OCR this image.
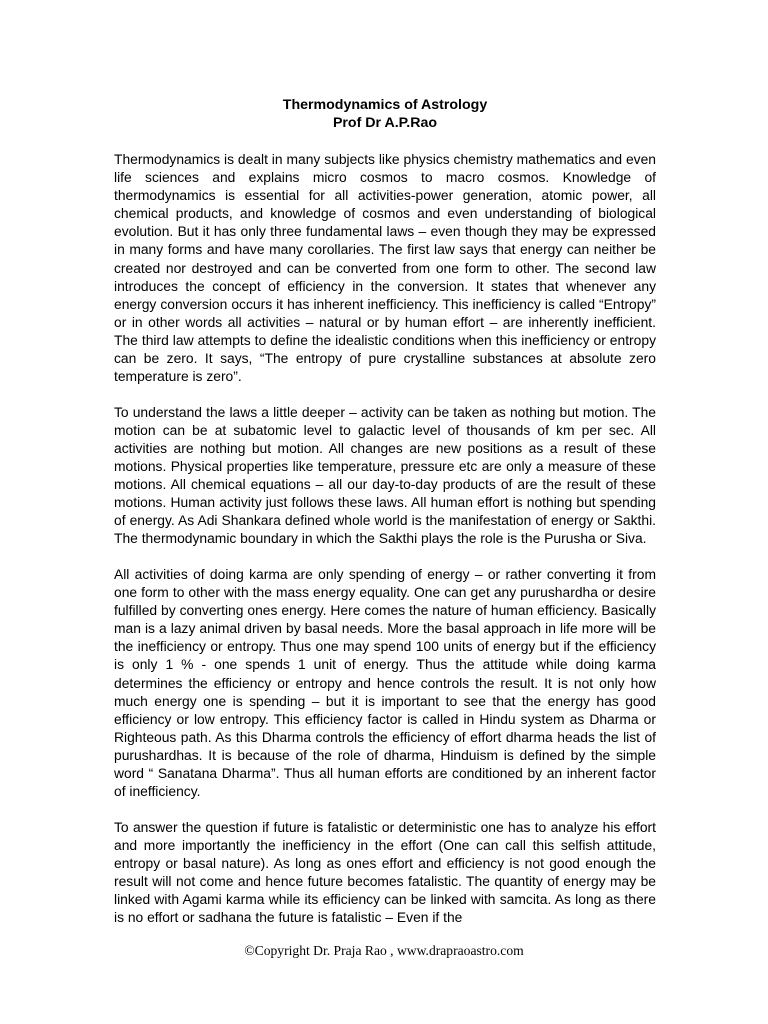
Thermodynamics of Astrology
Prof Dr A.P.Rao

Thermodynamics is dealt in many subjects like physics chemistry mathematics and even life sciences and explains micro cosmos to macro cosmos. Knowledge of thermodynamics is essential for all activities-power generation, atomic power, all chemical products, and knowledge of cosmos and even understanding of biological evolution. But it has only three fundamental laws – even though they may be expressed in many forms and have many corollaries. The first law says that energy can neither be created nor destroyed and can be converted from one form to other. The second law introduces the concept of efficiency in the conversion. It states that whenever any energy conversion occurs it has inherent inefficiency. This inefficiency is called “Entropy” or in other words all activities – natural or by human effort – are inherently inefficient. The third law attempts to define the idealistic conditions when this inefficiency or entropy can be zero. It says, “The entropy of pure crystalline substances at absolute zero temperature is zero”.

To understand the laws a little deeper – activity can be taken as nothing but motion. The motion can be at subatomic level to galactic level of thousands of km per sec. All activities are nothing but motion. All changes are new positions as a result of these motions. Physical properties like temperature, pressure etc are only a measure of these motions. All chemical equations – all our day-to-day products of are the result of these motions. Human activity just follows these laws. All human effort is nothing but spending of energy. As Adi Shankara defined whole world is the manifestation of energy or Sakthi. The thermodynamic boundary in which the Sakthi plays the role is the Purusha or Siva.

All activities of doing karma are only spending of energy – or rather converting it from one form to other with the mass energy equality. One can get any purushardha or desire fulfilled by converting ones energy. Here comes the nature of human efficiency. Basically man is a lazy animal driven by basal needs. More the basal approach in life more will be the inefficiency or entropy. Thus one may spend 100 units of energy but if the efficiency is only 1 % - one spends 1 unit of energy. Thus the attitude while doing karma determines the efficiency or entropy and hence controls the result. It is not only how much energy one is spending – but it is important to see that the energy has good efficiency or low entropy. This efficiency factor is called in Hindu system as Dharma or Righteous path. As this Dharma controls the efficiency of effort dharma heads the list of purushardhas. It is because of the role of dharma, Hinduism is defined by the simple word “ Sanatana Dharma”. Thus all human efforts are conditioned by an inherent factor of inefficiency.

To answer the question if future is fatalistic or deterministic one has to analyze his effort and more importantly the inefficiency in the effort (One can call this selfish attitude, entropy or basal nature). As long as ones effort and efficiency is not good enough the result will not come and hence future becomes fatalistic. The quantity of energy may be linked with Agami karma while its efficiency can be linked with samcita. As long as there is no effort or sadhana the future is fatalistic – Even if the

©Copyright Dr. Praja Rao , www.drapraoastro.com
